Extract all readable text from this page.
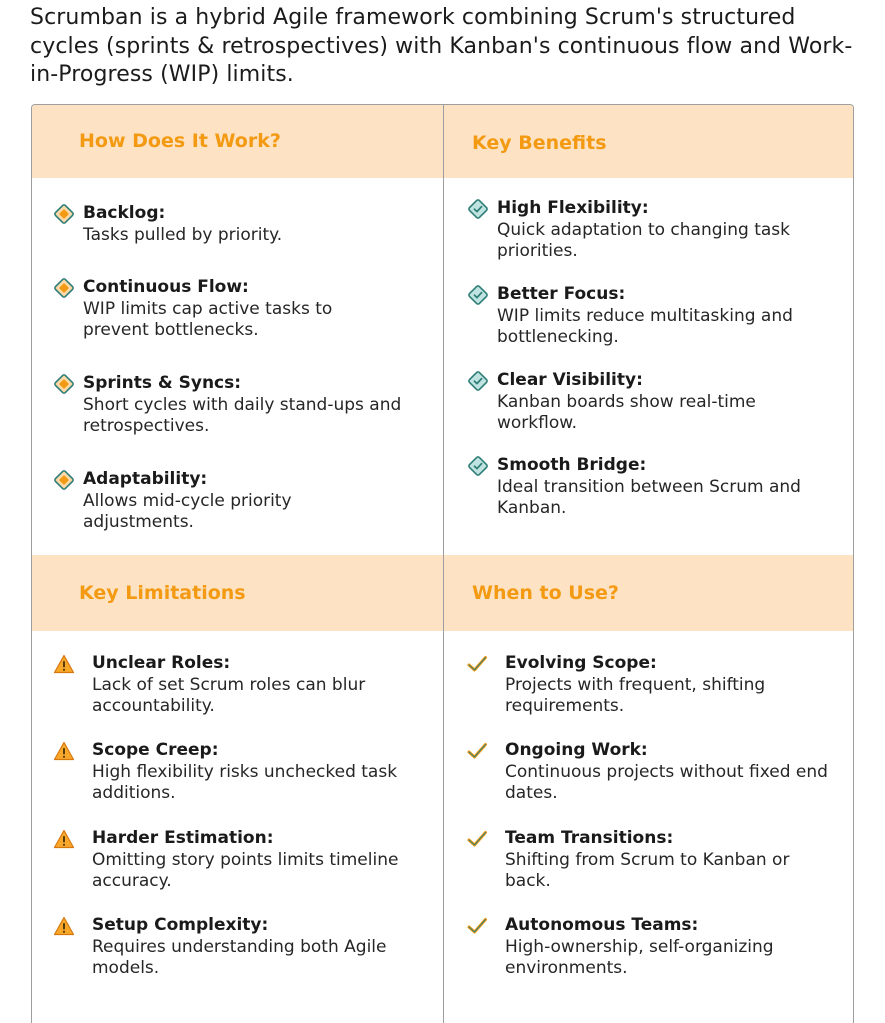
Scrumban is a hybrid Agile framework combining Scrum's structured cycles (sprints & retrospectives) with Kanban's continuous flow and Work-in-Progress (WIP) limits.
How Does It Work?	Key Benefits
Key Limitations	When to Use?
Backlog:
Tasks pulled by priority.
Continuous Flow:
WIP limits cap active tasks to prevent bottlenecks.
Sprints & Syncs:
Short cycles with daily stand-ups and retrospectives.
Adaptability:
Allows mid-cycle priority adjustments.
High Flexibility:
Quick adaptation to changing task priorities.
Better Focus:
WIP limits reduce multitasking and bottlenecking.
Clear Visibility:
Kanban boards show real-time workflow.
Smooth Bridge:
Ideal transition between Scrum and Kanban.
Unclear Roles:
Lack of set Scrum roles can blur accountability.
Scope Creep:
High flexibility risks unchecked task additions.
Harder Estimation:
Omitting story points limits timeline accuracy.
Setup Complexity:
Requires understanding both Agile models.
Evolving Scope:
Projects with frequent, shifting requirements.
Ongoing Work:
Continuous projects without fixed end dates.
Team Transitions:
Shifting from Scrum to Kanban or back.
Autonomous Teams:
High-ownership, self-organizing environments.
